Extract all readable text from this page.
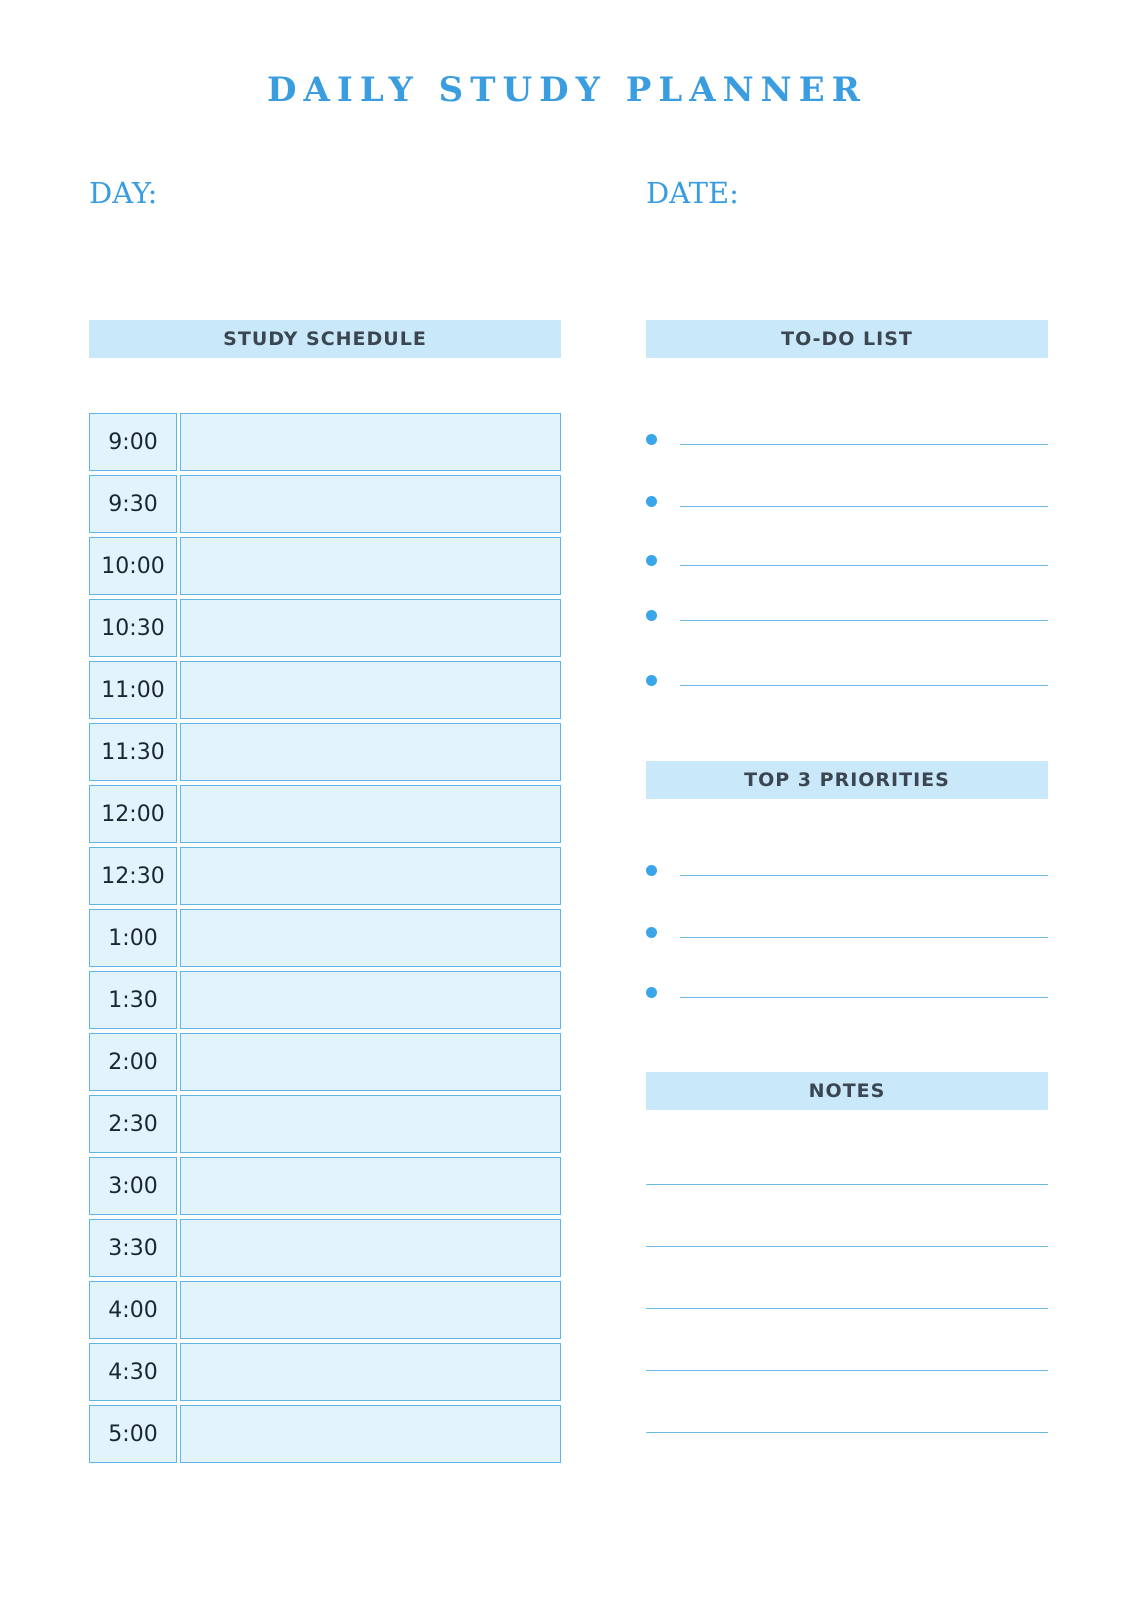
DAILY STUDY PLANNER
DAY:	DATE:
STUDY SCHEDULE	TO-DO LIST
TOP 3 PRIORITIES
NOTES
9:00
9:30
10:00
10:30
11:00
11:30
12:00
12:30
1:00
1:30
2:00
2:30
3:00
3:30
4:00
4:30
5:00
